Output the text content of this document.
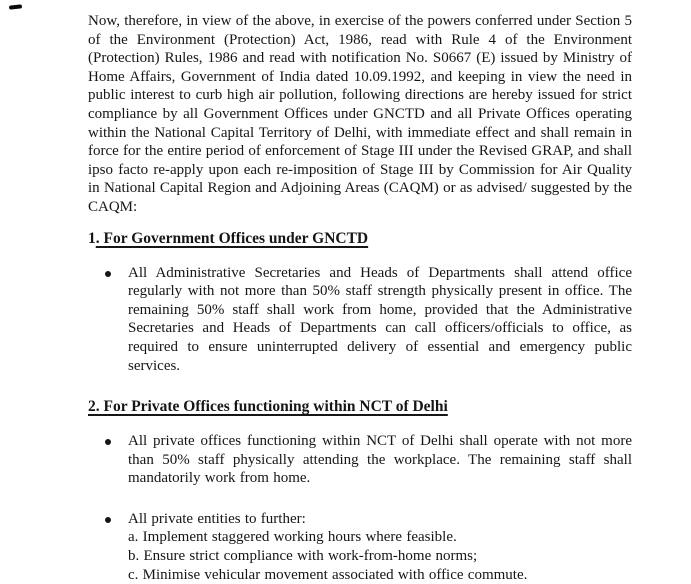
Now, therefore, in view of the above, in exercise of the powers conferred under Section 5 of the Environment (Protection) Act, 1986, read with Rule 4 of the Environment (Protection) Rules, 1986 and read with notification No. S0667 (E) issued by Ministry of Home Affairs, Government of India dated 10.09.1992, and keeping in view the need in public interest to curb high air pollution, following directions are hereby issued for strict compliance by all Government Offices under GNCTD and all Private Offices operating within the National Capital Territory of Delhi, with immediate effect and shall remain in force for the entire period of enforcement of Stage III under the Revised GRAP, and shall ipso facto re-apply upon each re-imposition of Stage III by Commission for Air Quality in National Capital Region and Adjoining Areas (CAQM) or as advised/ suggested by the CAQM:

1. For Government Offices under GNCTD
All Administrative Secretaries and Heads of Departments shall attend office regularly with not more than 50% staff strength physically present in office. The remaining 50% staff shall work from home, provided that the Administrative Secretaries and Heads of Departments can call officers/officials to office, as required to ensure uninterrupted delivery of essential and emergency public services.
2. For Private Offices functioning within NCT of Delhi
All private offices functioning within NCT of Delhi shall operate with not more than 50% staff physically attending the workplace. The remaining staff shall mandatorily work from home.
All private entities to further:
a. Implement staggered working hours where feasible.
b. Ensure strict compliance with work-from-home norms;
c. Minimise vehicular movement associated with office commute.
